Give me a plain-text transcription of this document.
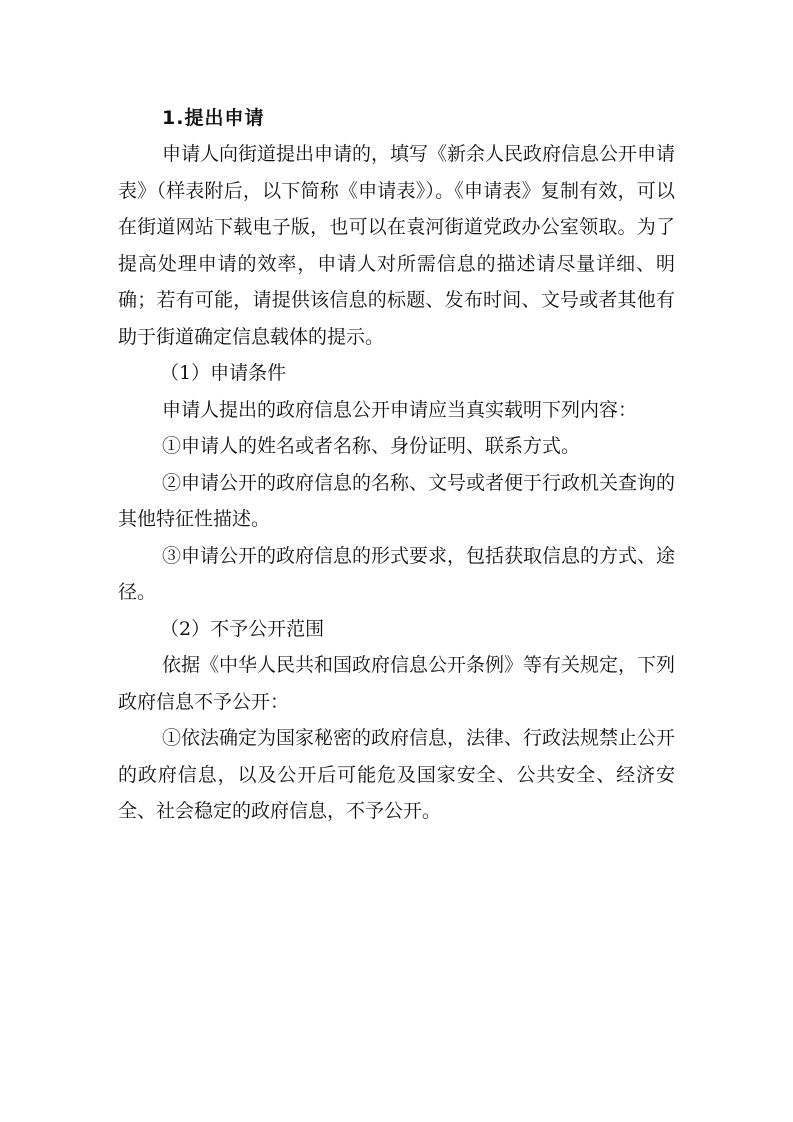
1.提出申请

申请人向街道提出申请的，填写《新余人民政府信息公开申请表》（样表附后，以下简称《申请表》）。《申请表》复制有效，可以在街道网站下载电子版，也可以在袁河街道党政办公室领取。为了提高处理申请的效率，申请人对所需信息的描述请尽量详细、明确；若有可能，请提供该信息的标题、发布时间、文号或者其他有助于街道确定信息载体的提示。

（1）申请条件

申请人提出的政府信息公开申请应当真实载明下列内容：

①申请人的姓名或者名称、身份证明、联系方式。

②申请公开的政府信息的名称、文号或者便于行政机关查询的其他特征性描述。

③申请公开的政府信息的形式要求，包括获取信息的方式、途径。

（2）不予公开范围

依据《中华人民共和国政府信息公开条例》等有关规定，下列政府信息不予公开：

①依法确定为国家秘密的政府信息，法律、行政法规禁止公开的政府信息，以及公开后可能危及国家安全、公共安全、经济安全、社会稳定的政府信息，不予公开。
